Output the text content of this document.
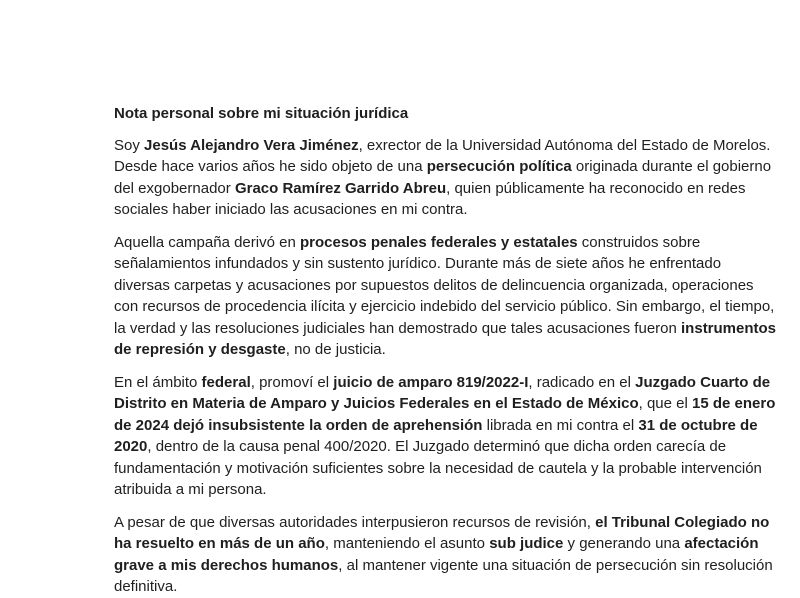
Nota personal sobre mi situación jurídica

Soy Jesús Alejandro Vera Jiménez, exrector de la Universidad Autónoma del Estado de Morelos. Desde hace varios años he sido objeto de una persecución política originada durante el gobierno del exgobernador Graco Ramírez Garrido Abreu, quien públicamente ha reconocido en redes sociales haber iniciado las acusaciones en mi contra.

Aquella campaña derivó en procesos penales federales y estatales construidos sobre señalamientos infundados y sin sustento jurídico. Durante más de siete años he enfrentado diversas carpetas y acusaciones por supuestos delitos de delincuencia organizada, operaciones con recursos de procedencia ilícita y ejercicio indebido del servicio público. Sin embargo, el tiempo, la verdad y las resoluciones judiciales han demostrado que tales acusaciones fueron instrumentos de represión y desgaste, no de justicia.

En el ámbito federal, promoví el juicio de amparo 819/2022-I, radicado en el Juzgado Cuarto de Distrito en Materia de Amparo y Juicios Federales en el Estado de México, que el 15 de enero de 2024 dejó insubsistente la orden de aprehensión librada en mi contra el 31 de octubre de 2020, dentro de la causa penal 400/2020. El Juzgado determinó que dicha orden carecía de fundamentación y motivación suficientes sobre la necesidad de cautela y la probable intervención atribuida a mi persona.

A pesar de que diversas autoridades interpusieron recursos de revisión, el Tribunal Colegiado no ha resuelto en más de un año, manteniendo el asunto sub judice y generando una afectación grave a mis derechos humanos, al mantener vigente una situación de persecución sin resolución definitiva.
